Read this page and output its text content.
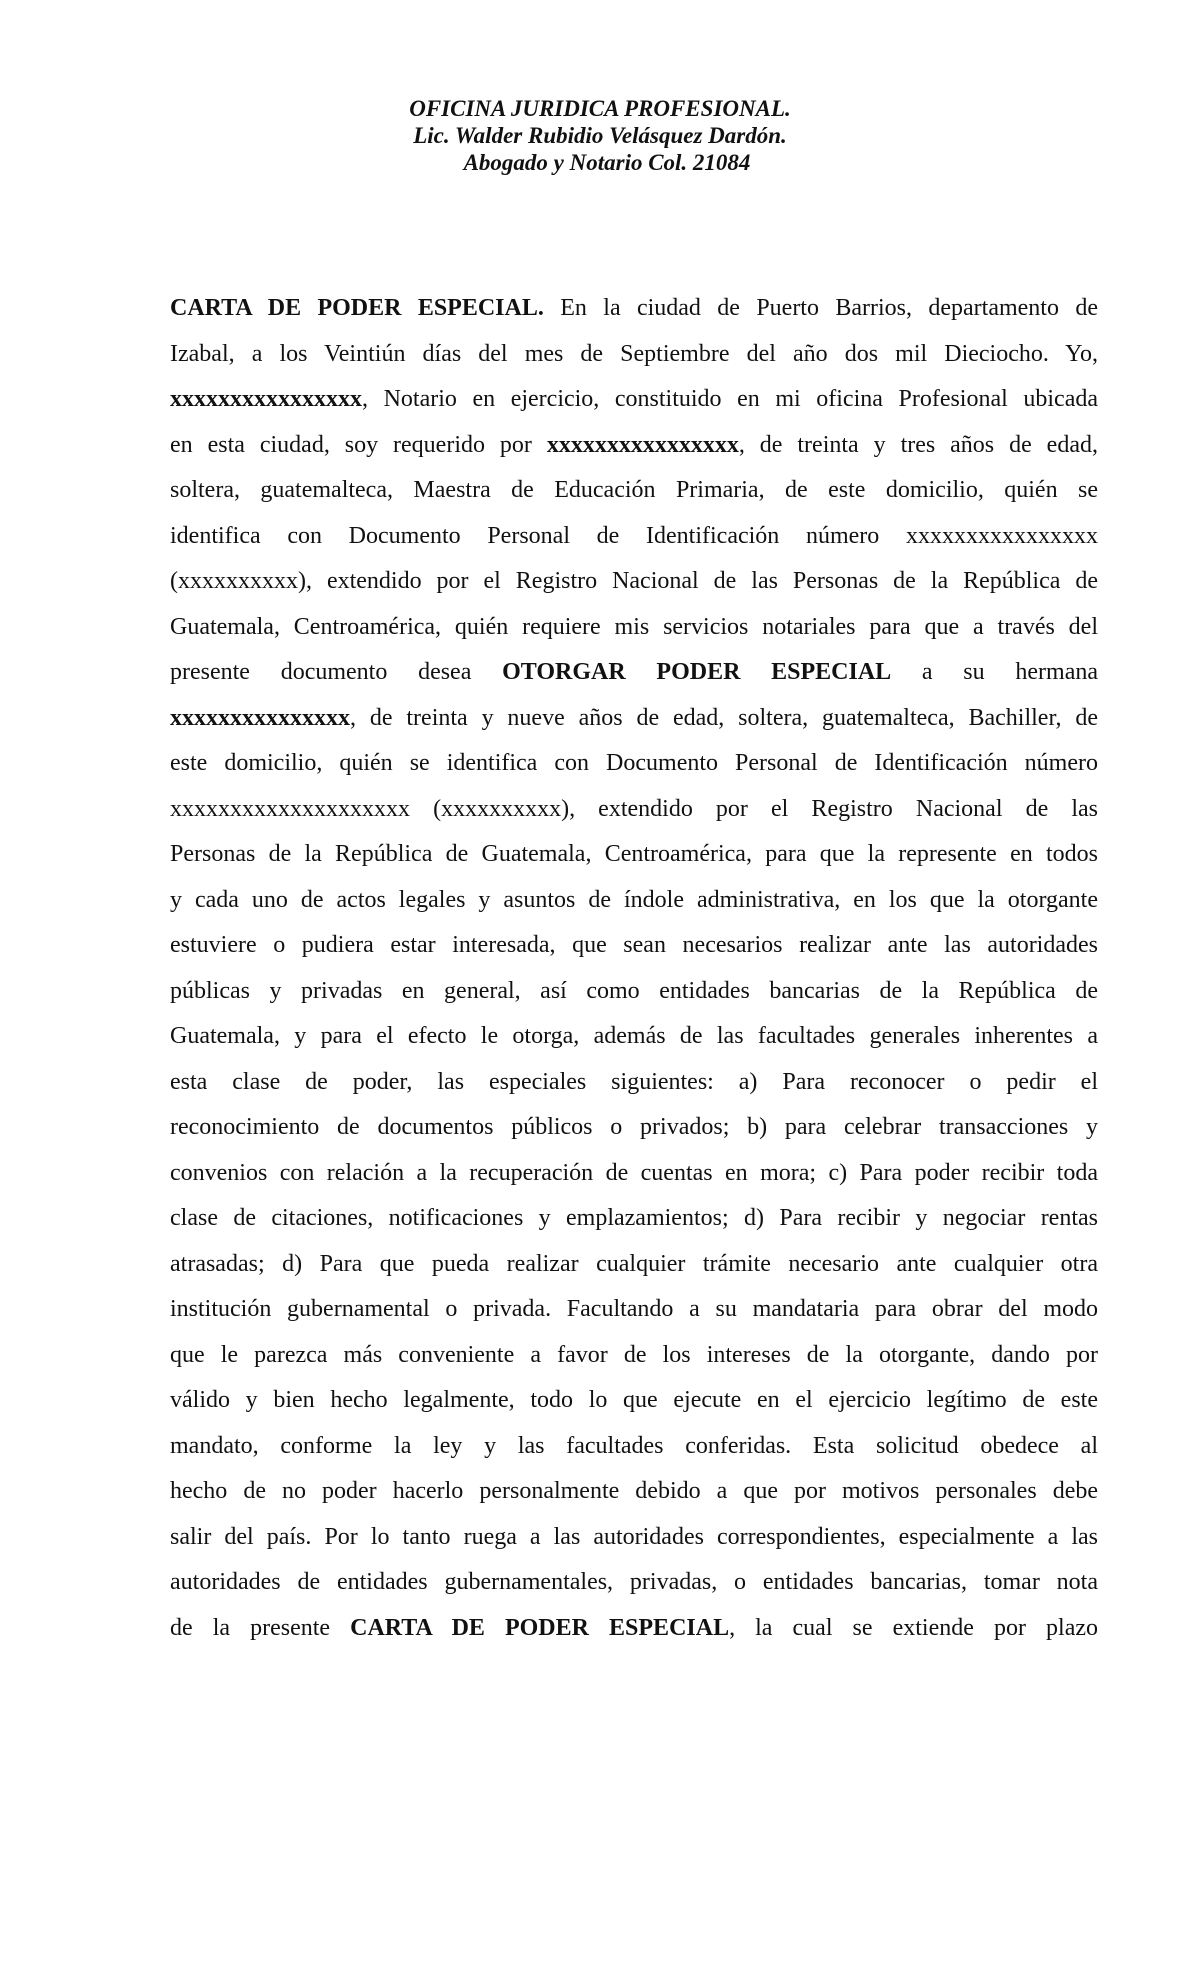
OFICINA JURIDICA PROFESIONAL.
Lic. Walder Rubidio Velásquez Dardón.
Abogado y Notario Col. 21084
CARTA DE PODER ESPECIAL. En la ciudad de Puerto Barrios, departamento de
Izabal, a los Veintiún días del mes de Septiembre del año dos mil Dieciocho. Yo,
xxxxxxxxxxxxxxxx, Notario en ejercicio, constituido en mi oficina Profesional ubicada
en esta ciudad, soy requerido por xxxxxxxxxxxxxxxx, de treinta y tres años de edad,
soltera, guatemalteca, Maestra de Educación Primaria, de este domicilio, quién se
identifica con Documento Personal de Identificación número xxxxxxxxxxxxxxxx
(xxxxxxxxxx), extendido por el Registro Nacional de las Personas de la República de
Guatemala, Centroamérica, quién requiere mis servicios notariales para que a través del
presente documento desea OTORGAR PODER ESPECIAL a su hermana
xxxxxxxxxxxxxxx, de treinta y nueve años de edad, soltera, guatemalteca, Bachiller, de
este domicilio, quién se identifica con Documento Personal de Identificación número
xxxxxxxxxxxxxxxxxxxx (xxxxxxxxxx), extendido por el Registro Nacional de las
Personas de la República de Guatemala, Centroamérica, para que la represente en todos
y cada uno de actos legales y asuntos de índole administrativa, en los que la otorgante
estuviere o pudiera estar interesada, que sean necesarios realizar ante las autoridades
públicas y privadas en general, así como entidades bancarias de la República de
Guatemala, y para el efecto le otorga, además de las facultades generales inherentes a
esta clase de poder, las especiales siguientes: a) Para reconocer o pedir el
reconocimiento de documentos públicos o privados; b) para celebrar transacciones y
convenios con relación a la recuperación de cuentas en mora; c) Para poder recibir toda
clase de citaciones, notificaciones y emplazamientos; d) Para recibir y negociar rentas
atrasadas; d) Para que pueda realizar cualquier trámite necesario ante cualquier otra
institución gubernamental o privada. Facultando a su mandataria para obrar del modo
que le parezca más conveniente a favor de los intereses de la otorgante, dando por
válido y bien hecho legalmente, todo lo que ejecute en el ejercicio legítimo de este
mandato, conforme la ley y las facultades conferidas. Esta solicitud obedece al
hecho de no poder hacerlo personalmente debido a que por motivos personales debe
salir del país. Por lo tanto ruega a las autoridades correspondientes, especialmente a las
autoridades de entidades gubernamentales, privadas, o entidades bancarias, tomar nota
de la presente CARTA DE PODER ESPECIAL, la cual se extiende por plazo
